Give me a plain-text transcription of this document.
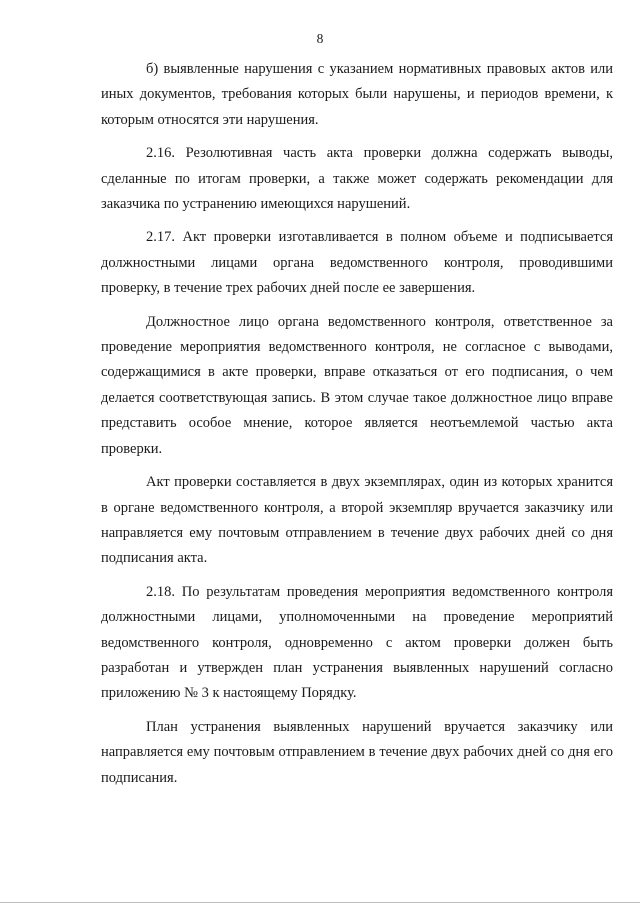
8

б) выявленные нарушения с указанием нормативных правовых актов или иных документов, требования которых были нарушены, и периодов времени, к которым относятся эти нарушения.

2.16. Резолютивная часть акта проверки должна содержать выводы, сделанные по итогам проверки, а также может содержать рекомендации для заказчика по устранению имеющихся нарушений.

2.17. Акт проверки изготавливается в полном объеме и подписывается должностными лицами органа ведомственного контроля, проводившими проверку, в течение трех рабочих дней после ее завершения.

Должностное лицо органа ведомственного контроля, ответственное за проведение мероприятия ведомственного контроля, не согласное с выводами, содержащимися в акте проверки, вправе отказаться от его подписания, о чем делается соответствующая запись. В этом случае такое должностное лицо вправе представить особое мнение, которое является неотъемлемой частью акта проверки.

Акт проверки составляется в двух экземплярах, один из которых хранится в органе ведомственного контроля, а второй экземпляр вручается заказчику или направляется ему почтовым отправлением в течение двух рабочих дней со дня подписания акта.

2.18. По результатам проведения мероприятия ведомственного контроля должностными лицами, уполномоченными на проведение мероприятий ведомственного контроля, одновременно с актом проверки должен быть разработан и утвержден план устранения выявленных нарушений согласно приложению № 3 к настоящему Порядку.

План устранения выявленных нарушений вручается заказчику или направляется ему почтовым отправлением в течение двух рабочих дней со дня его подписания.
